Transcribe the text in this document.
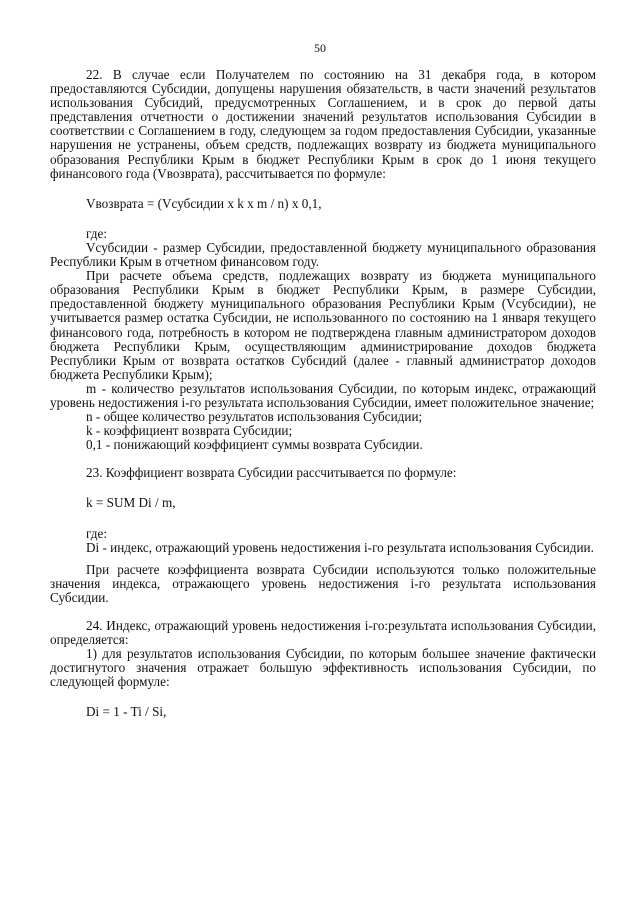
50

22. В случае если Получателем по состоянию на 31 декабря года, в котором предоставляются Субсидии, допущены нарушения обязательств, в части значений результатов использования Субсидий, предусмотренных Соглашением, и в срок до первой даты представления отчетности о достижении значений результатов использования Субсидии в соответствии с Соглашением в году, следующем за годом предоставления Субсидии, указанные нарушения не устранены, объем средств, подлежащих возврату из бюджета муниципального образования Республики Крым в бюджет Республики Крым в срок до 1 июня текущего финансового года (Vвозврата), рассчитывается по формуле:

Vвозврата = (Vсубсидии x k x m / n) x 0,1,

где:

Vсубсидии - размер Субсидии, предоставленной бюджету муниципального образования Республики Крым в отчетном финансовом году.

При расчете объема средств, подлежащих возврату из бюджета муниципального образования Республики Крым в бюджет Республики Крым, в размере Субсидии, предоставленной бюджету муниципального образования Республики Крым (Vсубсидии), не учитывается размер остатка Субсидии, не использованного по состоянию на 1 января текущего финансового года, потребность в котором не подтверждена главным администратором доходов бюджета Республики Крым, осуществляющим администрирование доходов бюджета Республики Крым от возврата остатков Субсидий (далее - главный администратор доходов бюджета Республики Крым);

m - количество результатов использования Субсидии, по которым индекс, отражающий уровень недостижения i-го результата использования Субсидии, имеет положительное значение;

n - общее количество результатов использования Субсидии;

k - коэффициент возврата Субсидии;

0,1 - понижающий коэффициент суммы возврата Субсидии.

23. Коэффициент возврата Субсидии рассчитывается по формуле:

k = SUM Di / m,

где:

Di - индекс, отражающий уровень недостижения i-го результата использования Субсидии.

При расчете коэффициента возврата Субсидии используются только положительные значения индекса, отражающего уровень недостижения i-го результата использования Субсидии.

24. Индекс, отражающий уровень недостижения i-го:результата использования Субсидии, определяется:

1) для результатов использования Субсидии, по которым большее значение фактически достигнутого значения отражает большую эффективность использования Субсидии, по следующей формуле:

Di = 1 - Ti / Si,
